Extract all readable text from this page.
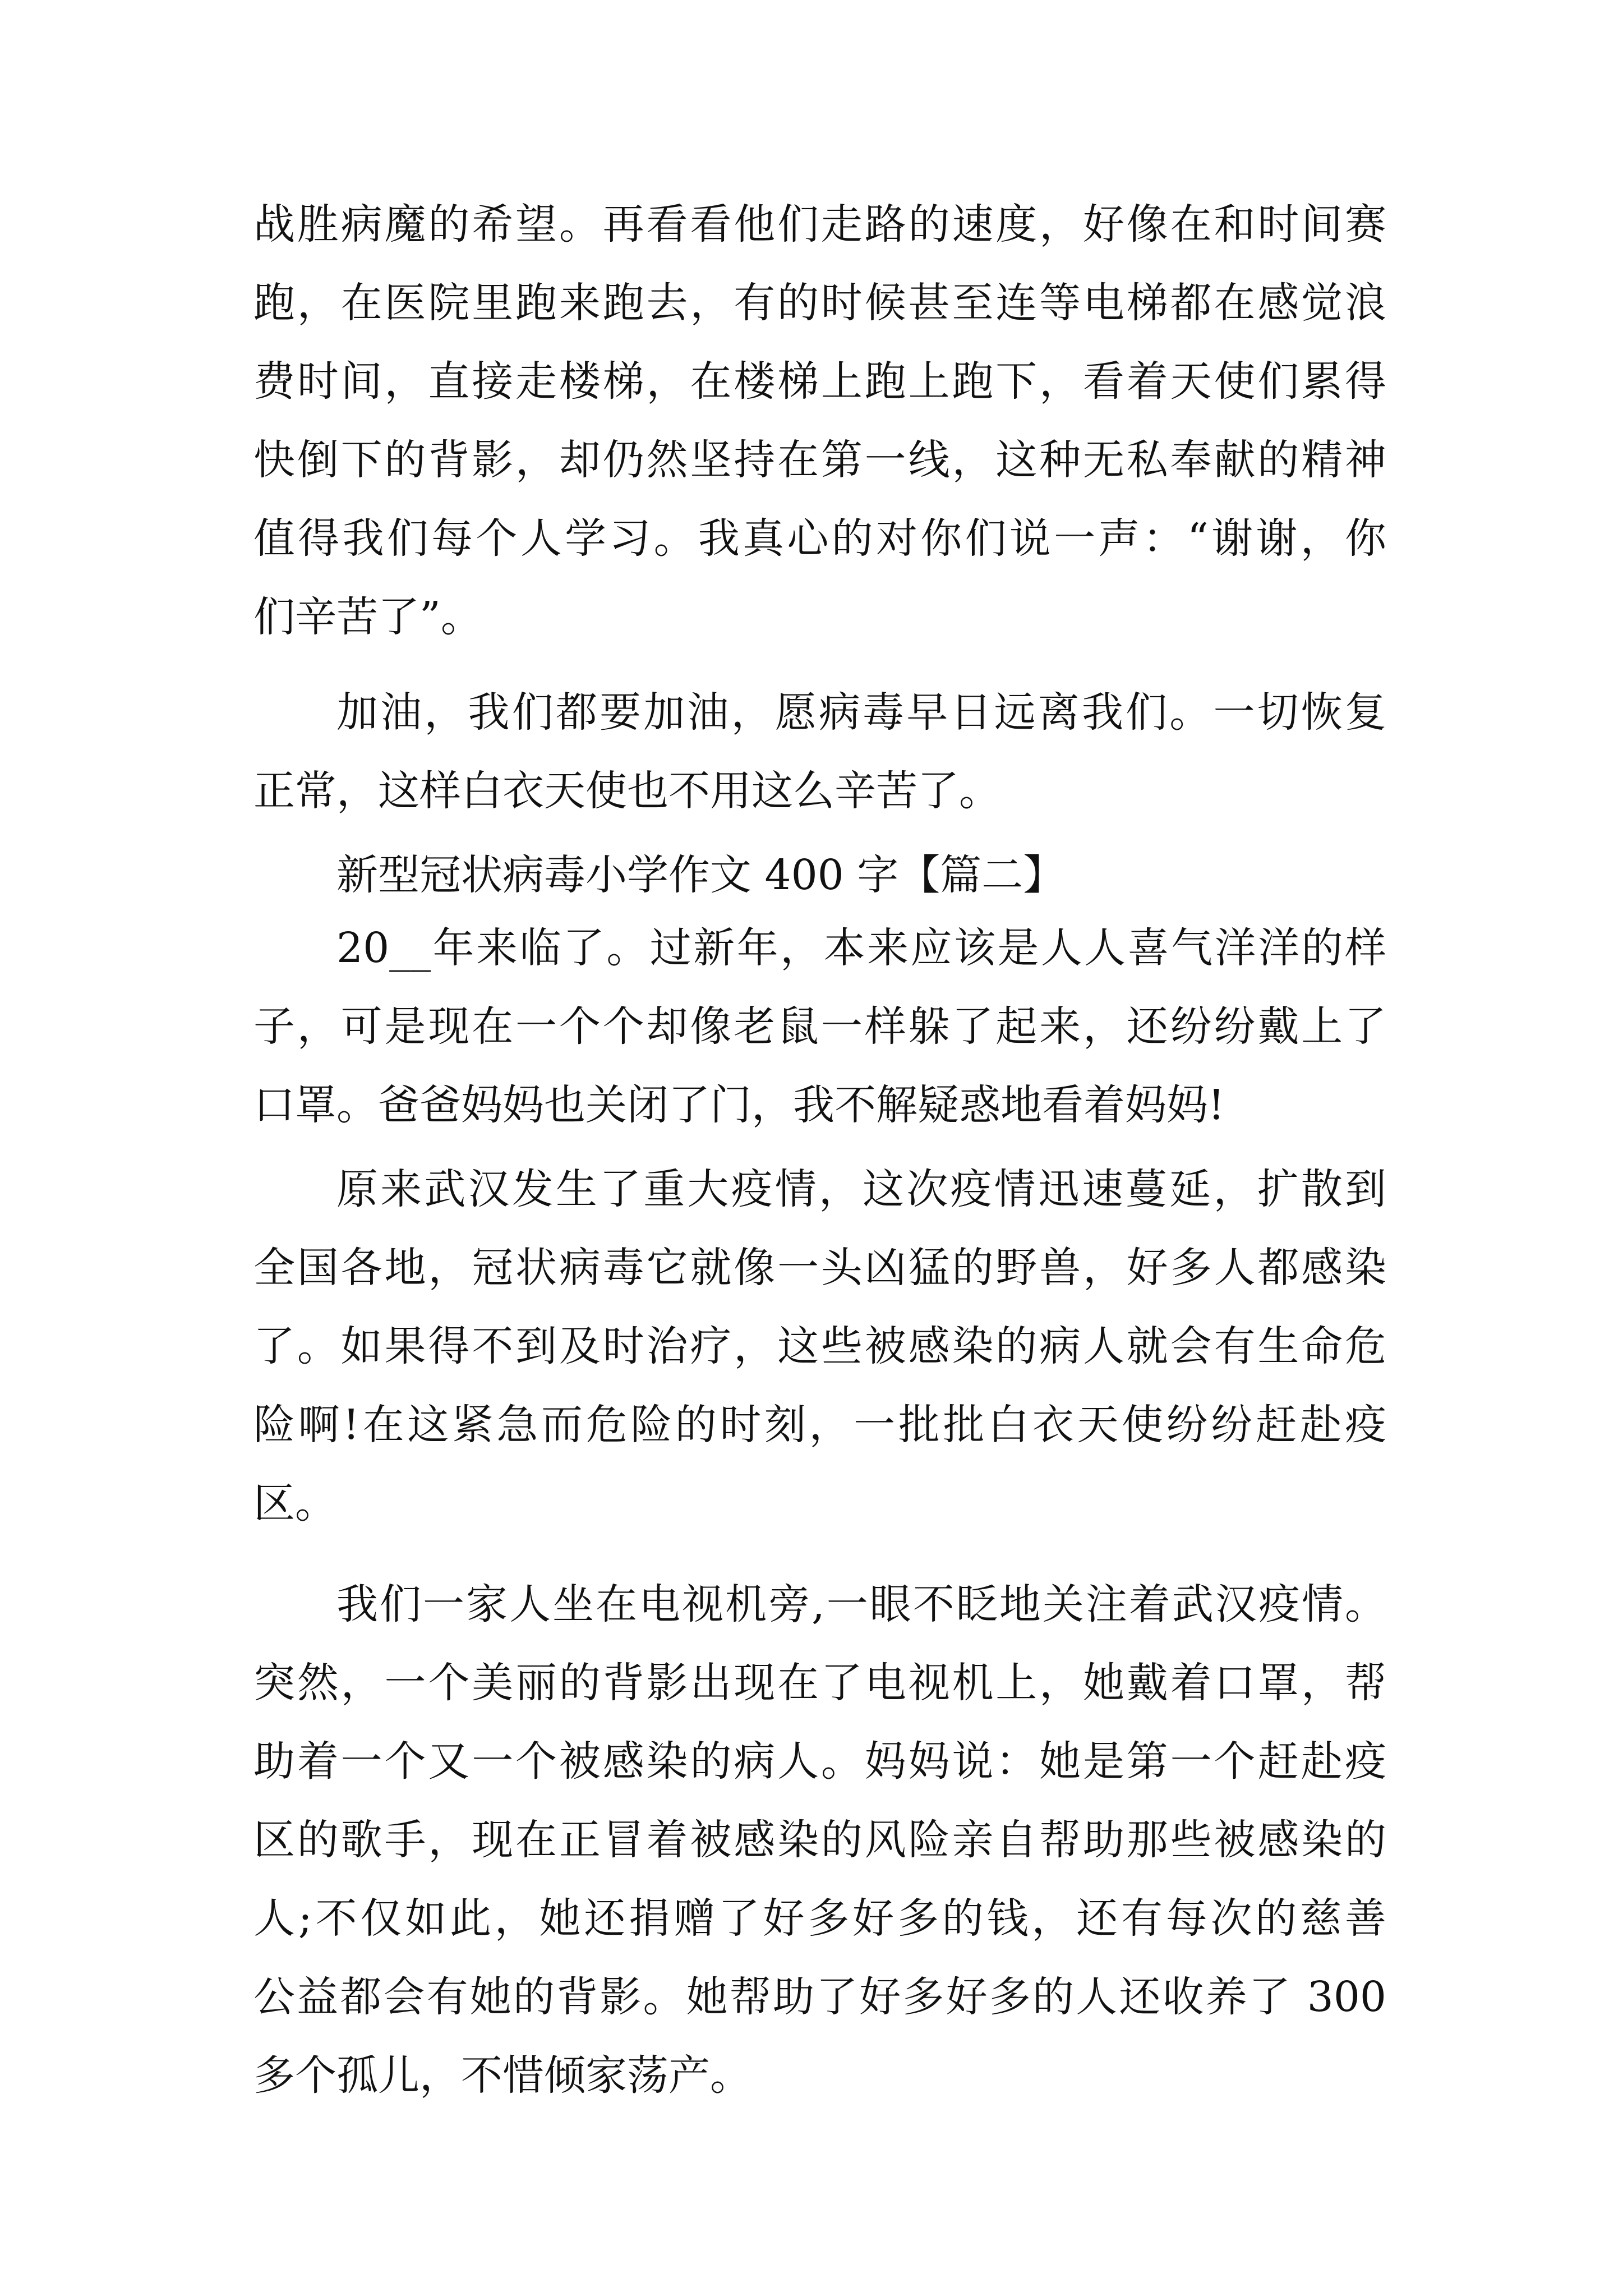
战胜病魔的希望。再看看他们走路的速度，好像在和时间赛
跑，在医院里跑来跑去，有的时候甚至连等电梯都在感觉浪
费时间，直接走楼梯，在楼梯上跑上跑下，看着天使们累得
快倒下的背影，却仍然坚持在第一线，这种无私奉献的精神
值得我们每个人学习。我真心的对你们说一声：“谢谢，你
们辛苦了”。
加油，我们都要加油，愿病毒早日远离我们。一切恢复
正常，这样白衣天使也不用这么辛苦了。
新型冠状病毒小学作文 400 字【篇二】
20__年来临了。过新年，本来应该是人人喜气洋洋的样
子，可是现在一个个却像老鼠一样躲了起来，还纷纷戴上了
口罩。爸爸妈妈也关闭了门，我不解疑惑地看着妈妈!
原来武汉发生了重大疫情，这次疫情迅速蔓延，扩散到
全国各地，冠状病毒它就像一头凶猛的野兽，好多人都感染
了。如果得不到及时治疗，这些被感染的病人就会有生命危
险啊!在这紧急而危险的时刻，一批批白衣天使纷纷赶赴疫
区。
我们一家人坐在电视机旁,一眼不眨地关注着武汉疫情。
突然，一个美丽的背影出现在了电视机上，她戴着口罩，帮
助着一个又一个被感染的病人。妈妈说：她是第一个赶赴疫
区的歌手，现在正冒着被感染的风险亲自帮助那些被感染的
人;不仅如此，她还捐赠了好多好多的钱，还有每次的慈善
公益都会有她的背影。她帮助了好多好多的人还收养了 300
多个孤儿，不惜倾家荡产。
